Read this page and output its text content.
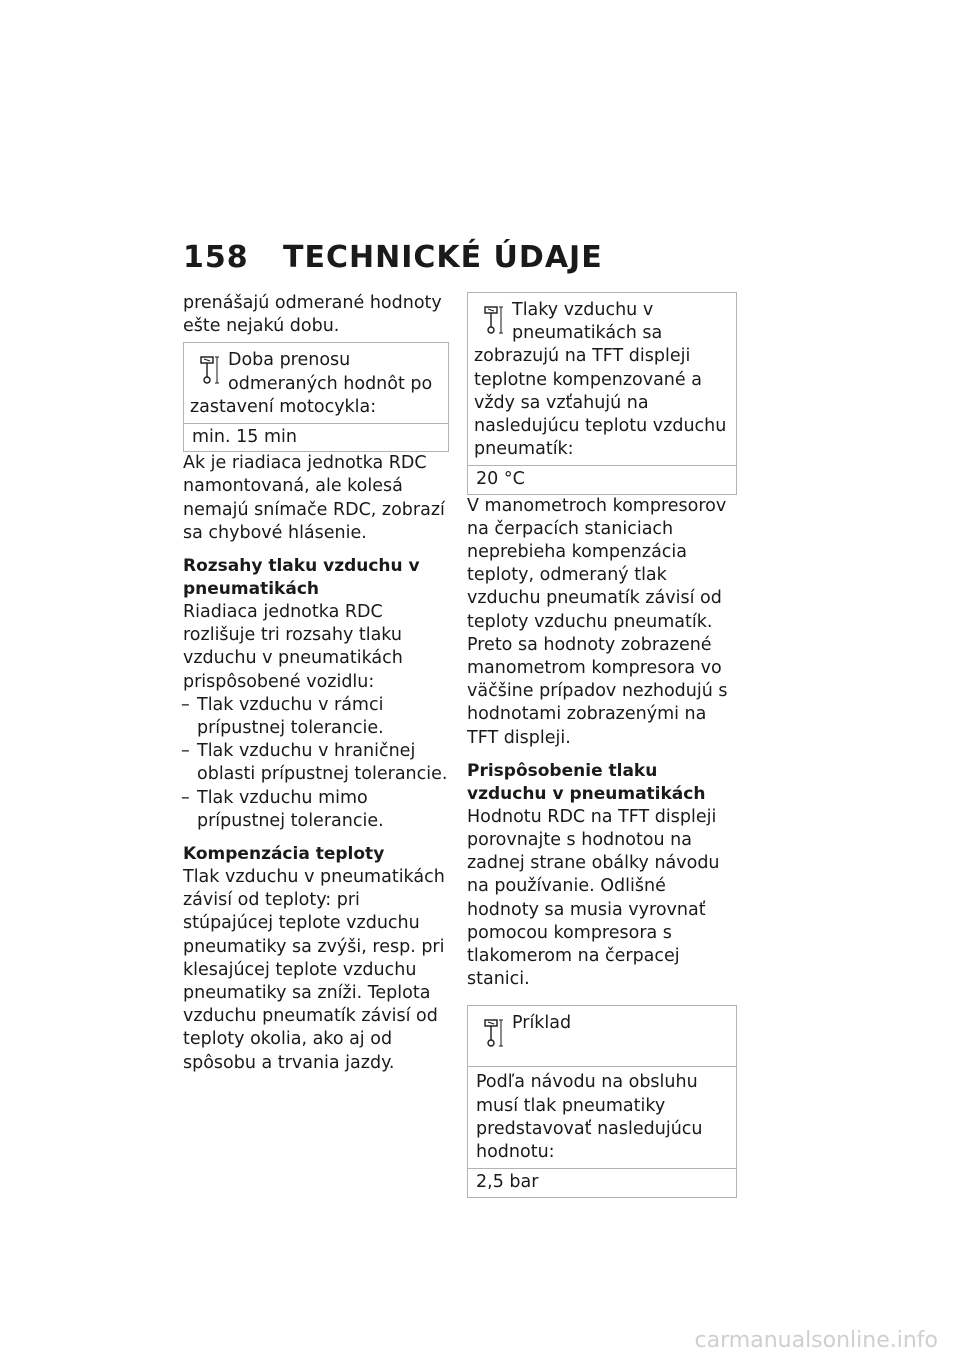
158 TECHNICKÉ ÚDAJE

prenášajú odmerané hodnoty ešte nejakú dobu.

Doba prenosu odmeraných hodnôt po zastavení motocykla:
min. 15 min

Ak je riadiaca jednotka RDC namontovaná, ale kolesá nemajú snímače RDC, zobrazí sa chybové hlásenie.

Rozsahy tlaku vzduchu v pneumatikách

Riadiaca jednotka RDC rozlišuje tri rozsahy tlaku vzduchu v pneumatikách prispôsobené vozidlu:

– Tlak vzduchu v rámci prípustnej tolerancie.
– Tlak vzduchu v hraničnej oblasti prípustnej tolerancie.
– Tlak vzduchu mimo prípustnej tolerancie.

Kompenzácia teploty

Tlak vzduchu v pneumatikách závisí od teploty: pri stúpajúcej teplote vzduchu pneumatiky sa zvýši, resp. pri klesajúcej teplote vzduchu pneumatiky sa zníži. Teplota vzduchu pneumatík závisí od teploty okolia, ako aj od spôsobu a trvania jazdy.

Tlaky vzduchu v pneumatikách sa zobrazujú na TFT displeji teplotne kompenzované a vždy sa vzťahujú na nasledujúcu teplotu vzduchu pneumatík:
20 °C

V manometroch kompresorov na čerpacích staniciach neprebieha kompenzácia teploty, odmeraný tlak vzduchu pneumatík závisí od teploty vzduchu pneumatík. Preto sa hodnoty zobrazené manometrom kompresora vo väčšine prípadov nezhodujú s hodnotami zobrazenými na TFT displeji.

Prispôsobenie tlaku vzduchu v pneumatikách

Hodnotu RDC na TFT displeji porovnajte s hodnotou na zadnej strane obálky návodu na používanie. Odlišné hodnoty sa musia vyrovnať pomocou kompresora s tlakomerom na čerpacej stanici.

Príklad
Podľa návodu na obsluhu musí tlak pneumatiky predstavovať nasledujúcu hodnotu:
2,5 bar
carmanualsonline.info
